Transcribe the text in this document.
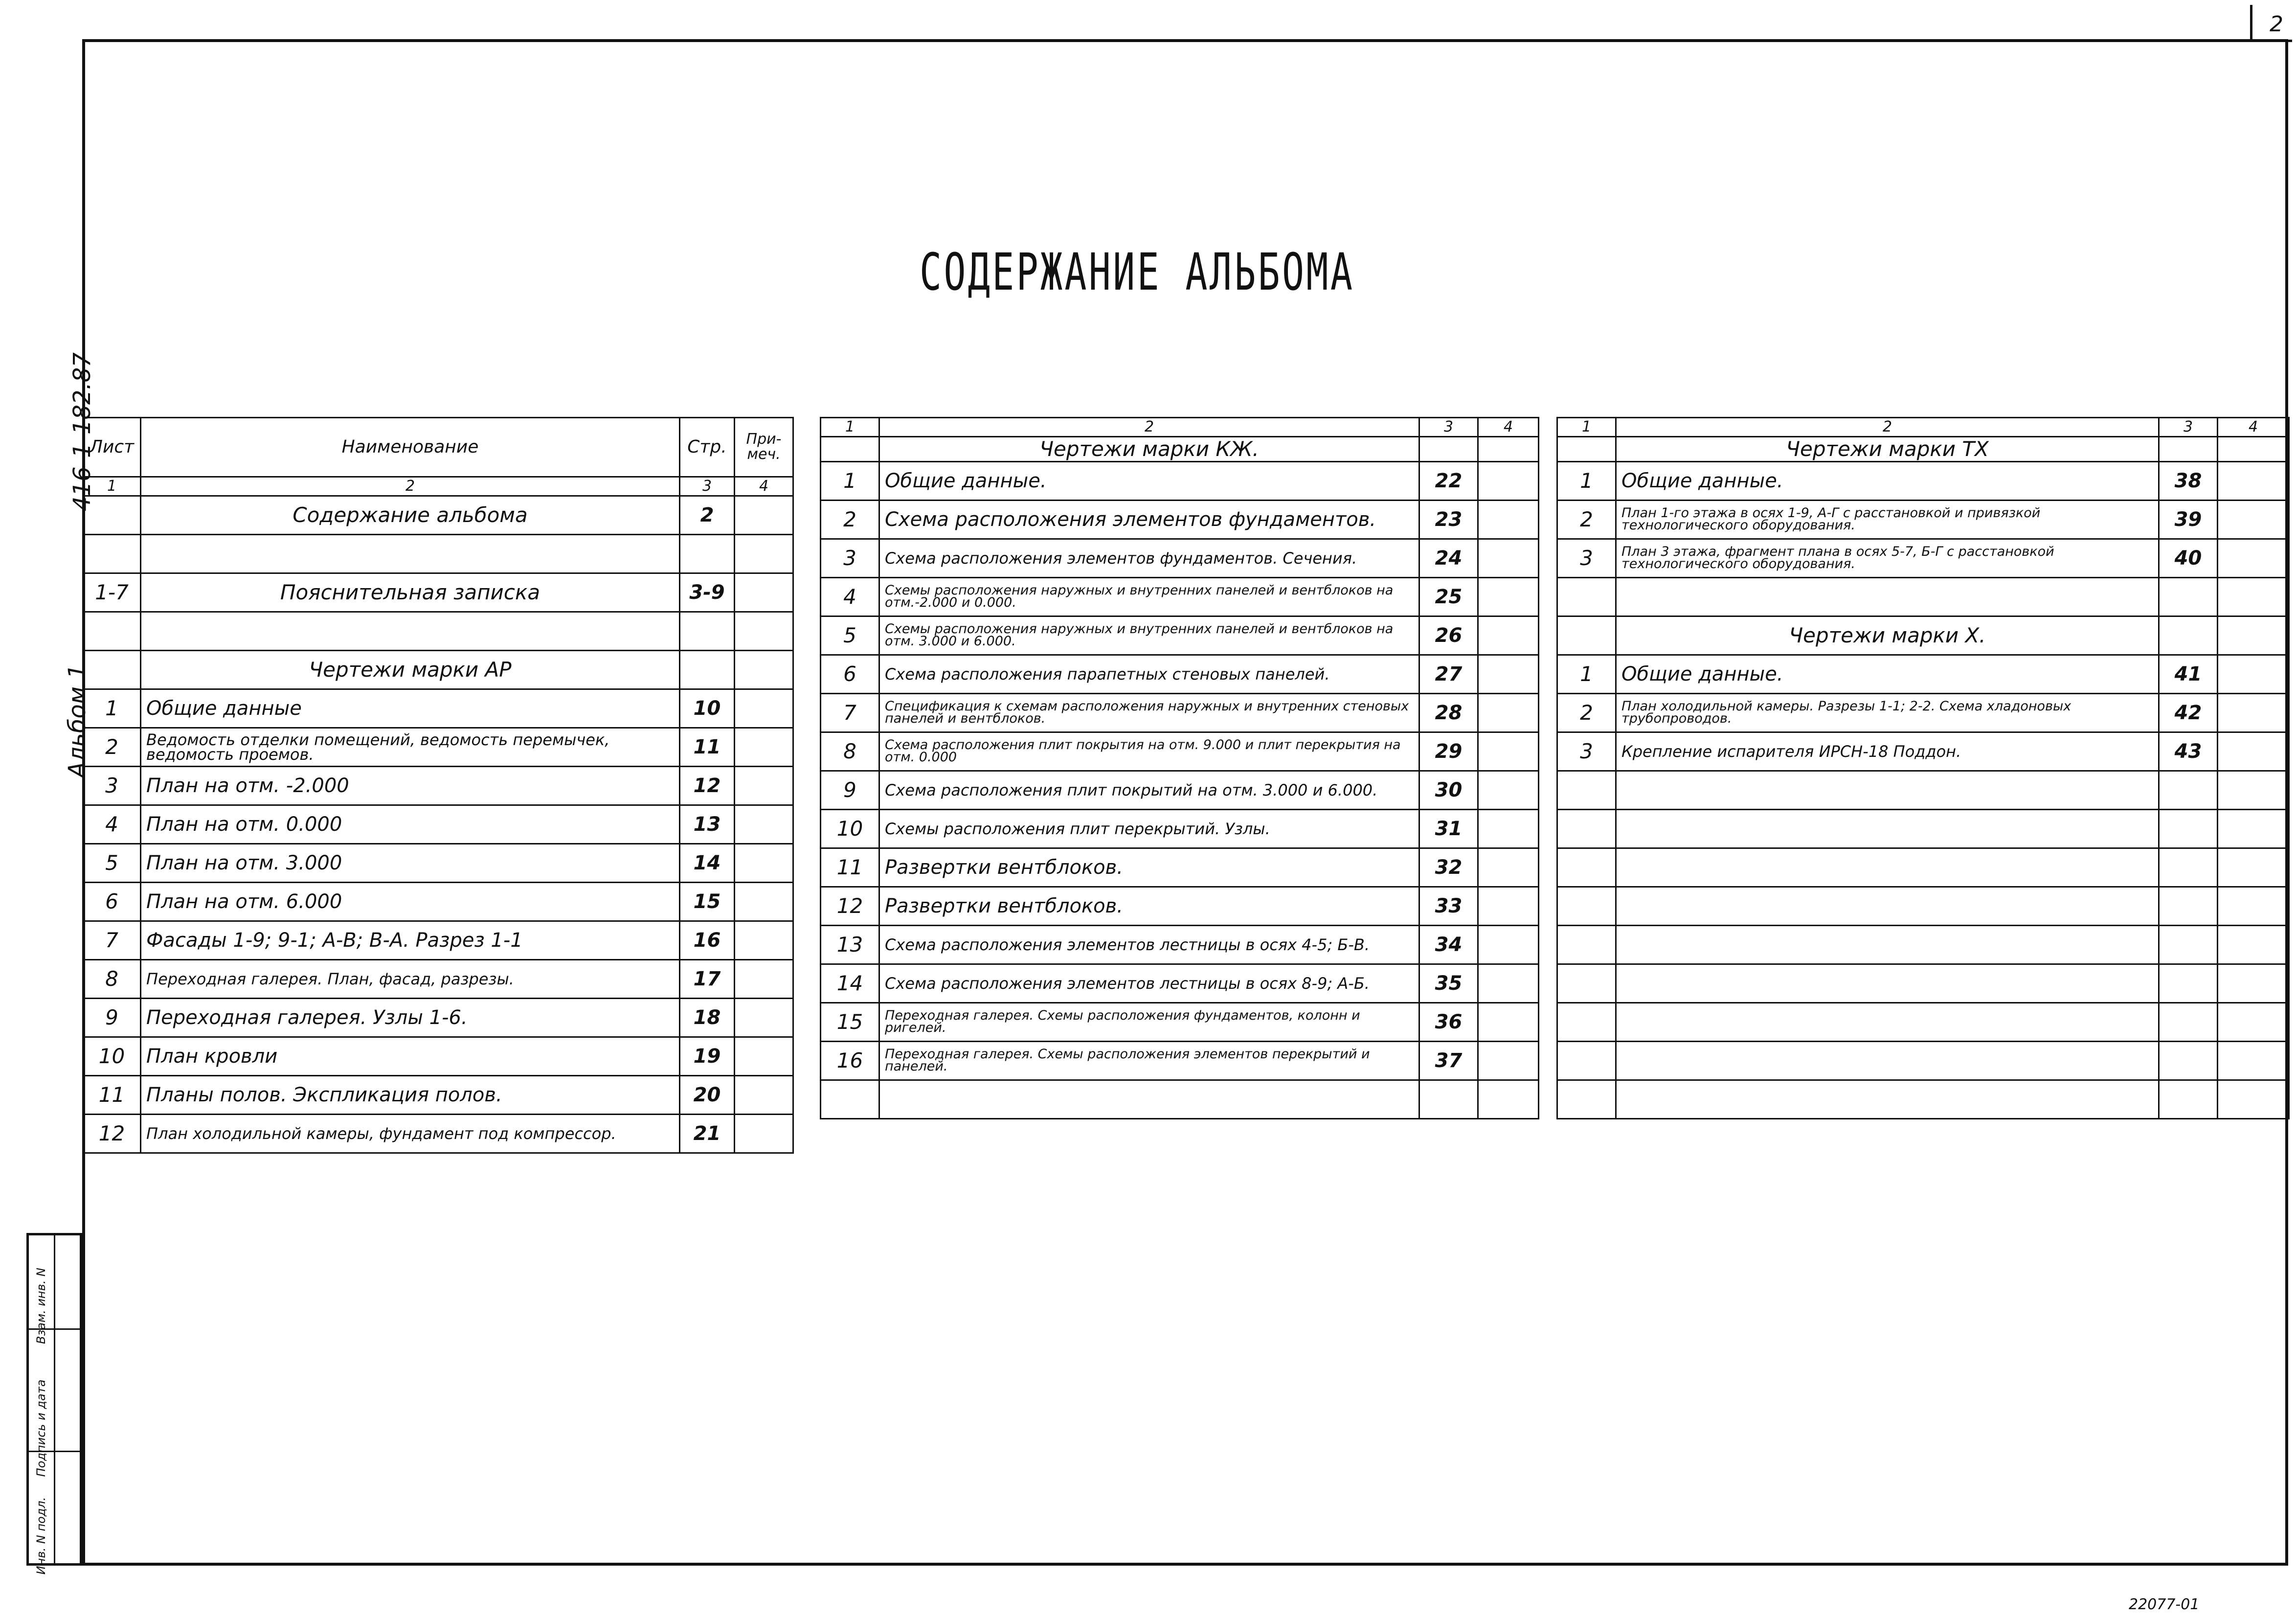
2
СОДЕРЖАНИЕ АЛЬБОМА
416-1-182.87
Альбом 1
Инв. N подл.
Подпись и дата
Взам. инв. N
22077-01
Лист	Наименование	Стр.	При-меч.
1	2	3	4
	Содержание альбома	2	

1-7	Пояснительная записка	3-9	

	Чертежи марки АР		
1	Общие данные	10	
2	Ведомость отделки помещений, ведомость перемычек, ведомость проемов.	11	
3	План на отм. -2.000	12	
4	План на отм. 0.000	13	
5	План на отм. 3.000	14	
6	План на отм. 6.000	15	
7	Фасады 1-9; 9-1; А-В; В-А. Разрез 1-1	16	
8	Переходная галерея. План, фасад, разрезы.	17	
9	Переходная галерея. Узлы 1-6.	18	
10	План кровли	19	
11	Планы полов. Экспликация полов.	20	
12	План холодильной камеры, фундамент под компрессор.	21	
1	2	3	4
	Чертежи марки КЖ.		
1	Общие данные.	22	
2	Схема расположения элементов фундаментов.	23	
3	Схема расположения элементов фундаментов. Сечения.	24	
4	Схемы расположения наружных и внутренних панелей и вентблоков на отм.-2.000 и 0.000.	25	
5	Схемы расположения наружных и внутренних панелей и вентблоков на отм. 3.000 и 6.000.	26	
6	Схема расположения парапетных стеновых панелей.	27	
7	Спецификация к схемам расположения наружных и внутренних стеновых панелей и вентблоков.	28	
8	Схема расположения плит покрытия на отм. 9.000 и плит перекрытия на отм. 0.000	29	
9	Схема расположения плит покрытий на отм. 3.000 и 6.000.	30	
10	Схемы расположения плит перекрытий. Узлы.	31	
11	Развертки вентблоков.	32	
12	Развертки вентблоков.	33	
13	Схема расположения элементов лестницы в осях 4-5; Б-В.	34	
14	Схема расположения элементов лестницы в осях 8-9; А-Б.	35	
15	Переходная галерея. Схемы расположения фундаментов, колонн и ригелей.	36	
16	Переходная галерея. Схемы расположения элементов перекрытий и панелей.	37	

1	2	3	4
	Чертежи марки ТХ		
1	Общие данные.	38	
2	План 1-го этажа в осях 1-9, А-Г с расстановкой и привязкой технологического оборудования.	39	
3	План 3 этажа, фрагмент плана в осях 5-7, Б-Г с расстановкой технологического оборудования.	40	

	Чертежи марки Х.		
1	Общие данные.	41	
2	План холодильной камеры. Разрезы 1-1; 2-2. Схема хладоновых трубопроводов.	42	
3	Крепление испарителя ИРСН-18 Поддон.	43	
